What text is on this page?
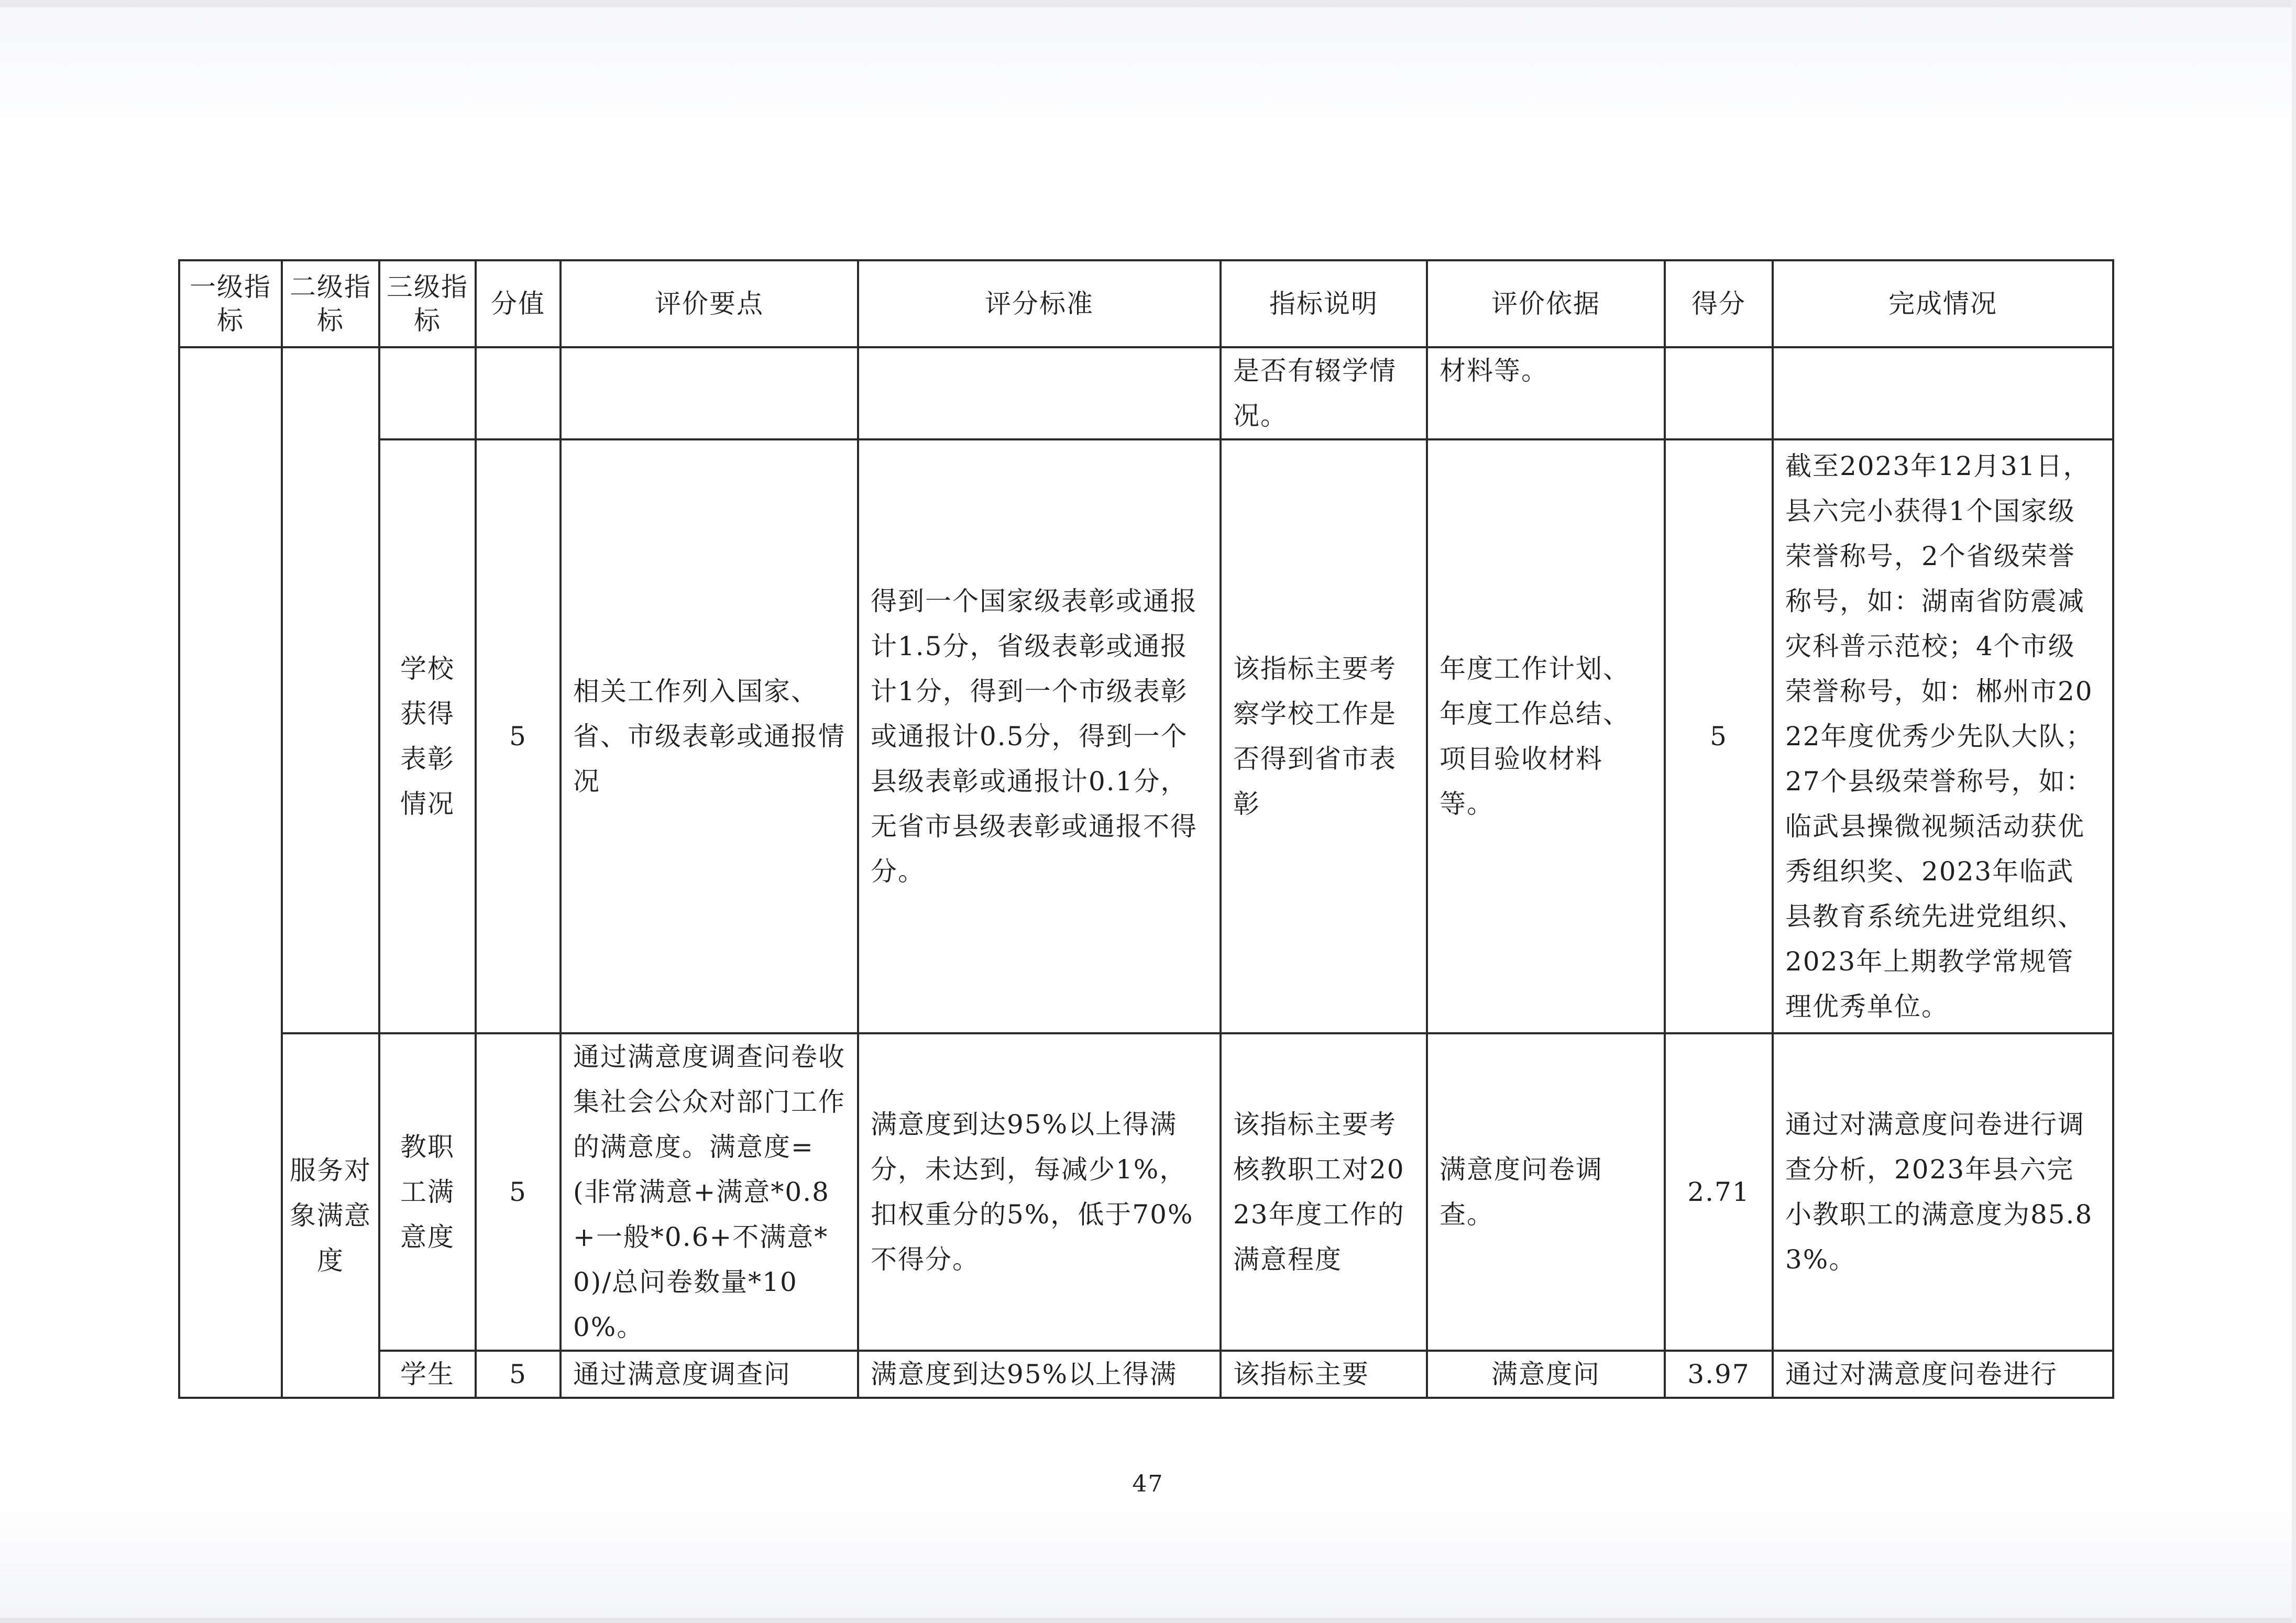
一级指标	二级指标	三级指标	分值	评价要点	评分标准	指标说明	评价依据	得分	完成情况
						是否有辍学情况。	材料等。		
		学校获得表彰情况	5	相关工作列入国家、省、市级表彰或通报情况	得到一个国家级表彰或通报计1.5分，省级表彰或通报计1分，得到一个市级表彰或通报计0.5分，得到一个县级表彰或通报计0.1分，无省市县级表彰或通报不得分。	该指标主要考察学校工作是否得到省市表彰	年度工作计划、年度工作总结、项目验收材料等。	5	截至2023年12月31日，县六完小获得1个国家级荣誉称号，2个省级荣誉称号，如：湖南省防震减灾科普示范校；4个市级荣誉称号，如：郴州市2022年度优秀少先队大队；27个县级荣誉称号，如：临武县操微视频活动获优秀组织奖、2023年临武县教育系统先进党组织、2023年上期教学常规管理优秀单位。
	服务对象满意度	教职工满意度	5	通过满意度调查问卷收集社会公众对部门工作的满意度。满意度=(非常满意+满意*0.8+一般*0.6+不满意*0)/总问卷数量*100%。	满意度到达95%以上得满分，未达到，每减少1%，扣权重分的5%，低于70%不得分。	该指标主要考核教职工对2023年度工作的满意程度	满意度问卷调查。	2.71	通过对满意度问卷进行调查分析，2023年县六完小教职工的满意度为85.83%。
		学生	5	通过满意度调查问	满意度到达95%以上得满	该指标主要	满意度问	3.97	通过对满意度问卷进行
47
